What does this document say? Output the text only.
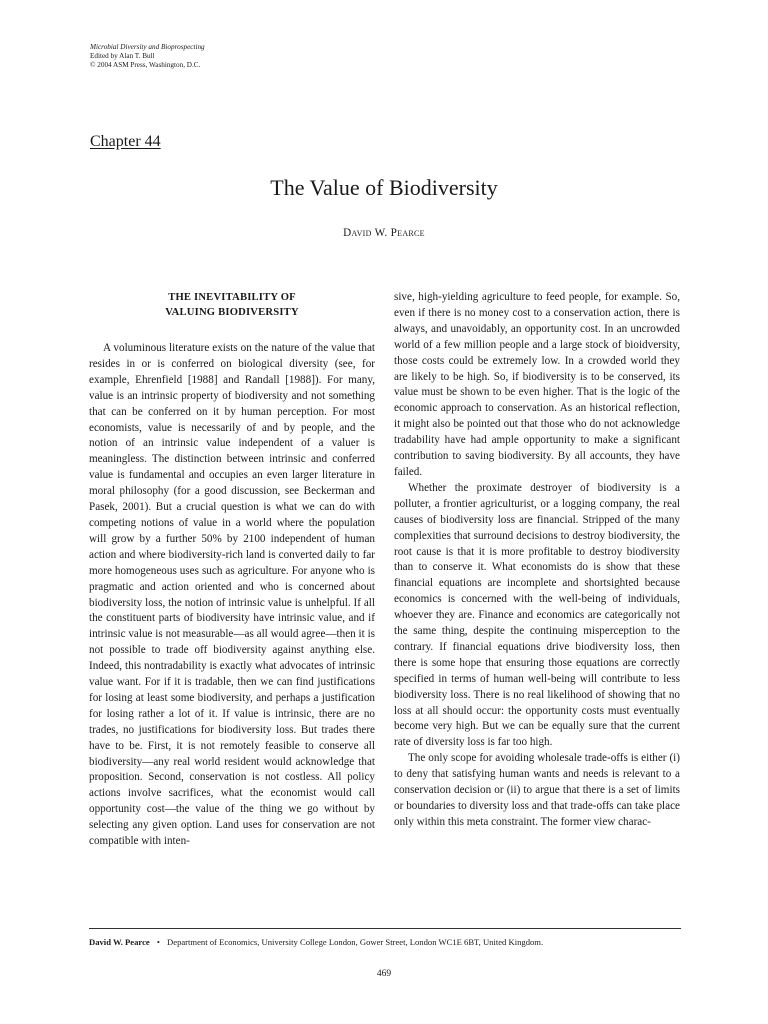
Microbial Diversity and Bioprospecting
Edited by Alan T. Bull
© 2004 ASM Press, Washington, D.C.
Chapter 44
The Value of Biodiversity
David W. Pearce
THE INEVITABILITY OF
VALUING BIODIVERSITY

A voluminous literature exists on the nature of the value that resides in or is conferred on biological diversity (see, for example, Ehrenfield [1988] and Randall [1988]). For many, value is an intrinsic property of biodiversity and not something that can be conferred on it by human perception. For most economists, value is necessarily of and by people, and the notion of an intrinsic value independent of a valuer is meaningless. The distinction between intrinsic and conferred value is fundamental and occupies an even larger literature in moral philosophy (for a good discussion, see Beckerman and Pasek, 2001). But a crucial question is what we can do with competing notions of value in a world where the population will grow by a further 50% by 2100 independent of human action and where biodiversity-rich land is converted daily to far more homogeneous uses such as agriculture. For anyone who is pragmatic and action oriented and who is concerned about biodiversity loss, the notion of intrinsic value is unhelpful. If all the constituent parts of biodiversity have intrinsic value, and if intrinsic value is not measurable—as all would agree—then it is not possible to trade off biodiversity against anything else. Indeed, this nontradability is exactly what advocates of intrinsic value want. For if it is tradable, then we can find justifications for losing at least some biodiversity, and perhaps a justification for losing rather a lot of it. If value is intrinsic, there are no trades, no justifications for biodiversity loss. But trades there have to be. First, it is not remotely feasible to conserve all biodiversity—any real world resident would acknowledge that proposition. Second, conservation is not costless. All policy actions involve sacrifices, what the economist would call opportunity cost—the value of the thing we go without by selecting any given option. Land uses for conservation are not compatible with inten-

sive, high-yielding agriculture to feed people, for example. So, even if there is no money cost to a conservation action, there is always, and unavoidably, an opportunity cost. In an uncrowded world of a few million people and a large stock of bioidversity, those costs could be extremely low. In a crowded world they are likely to be high. So, if biodiversity is to be conserved, its value must be shown to be even higher. That is the logic of the economic approach to conservation. As an historical reflection, it might also be pointed out that those who do not acknowledge tradability have had ample opportunity to make a significant contribution to saving biodiversity. By all accounts, they have failed.

Whether the proximate destroyer of biodiversity is a polluter, a frontier agriculturist, or a logging company, the real causes of biodiversity loss are financial. Stripped of the many complexities that surround decisions to destroy biodiversity, the root cause is that it is more profitable to destroy biodiversity than to conserve it. What economists do is show that these financial equations are incomplete and shortsighted because economics is concerned with the well-being of individuals, whoever they are. Finance and economics are categorically not the same thing, despite the continuing misperception to the contrary. If financial equations drive biodiversity loss, then there is some hope that ensuring those equations are correctly specified in terms of human well-being will contribute to less biodiversity loss. There is no real likelihood of showing that no loss at all should occur: the opportunity costs must eventually become very high. But we can be equally sure that the current rate of diversity loss is far too high.

The only scope for avoiding wholesale trade-offs is either (i) to deny that satisfying human wants and needs is relevant to a conservation decision or (ii) to argue that there is a set of limits or boundaries to diversity loss and that trade-offs can take place only within this meta constraint. The former view charac-

David W. Pearce • Department of Economics, University College London, Gower Street, London WC1E 6BT, United Kingdom.
469
